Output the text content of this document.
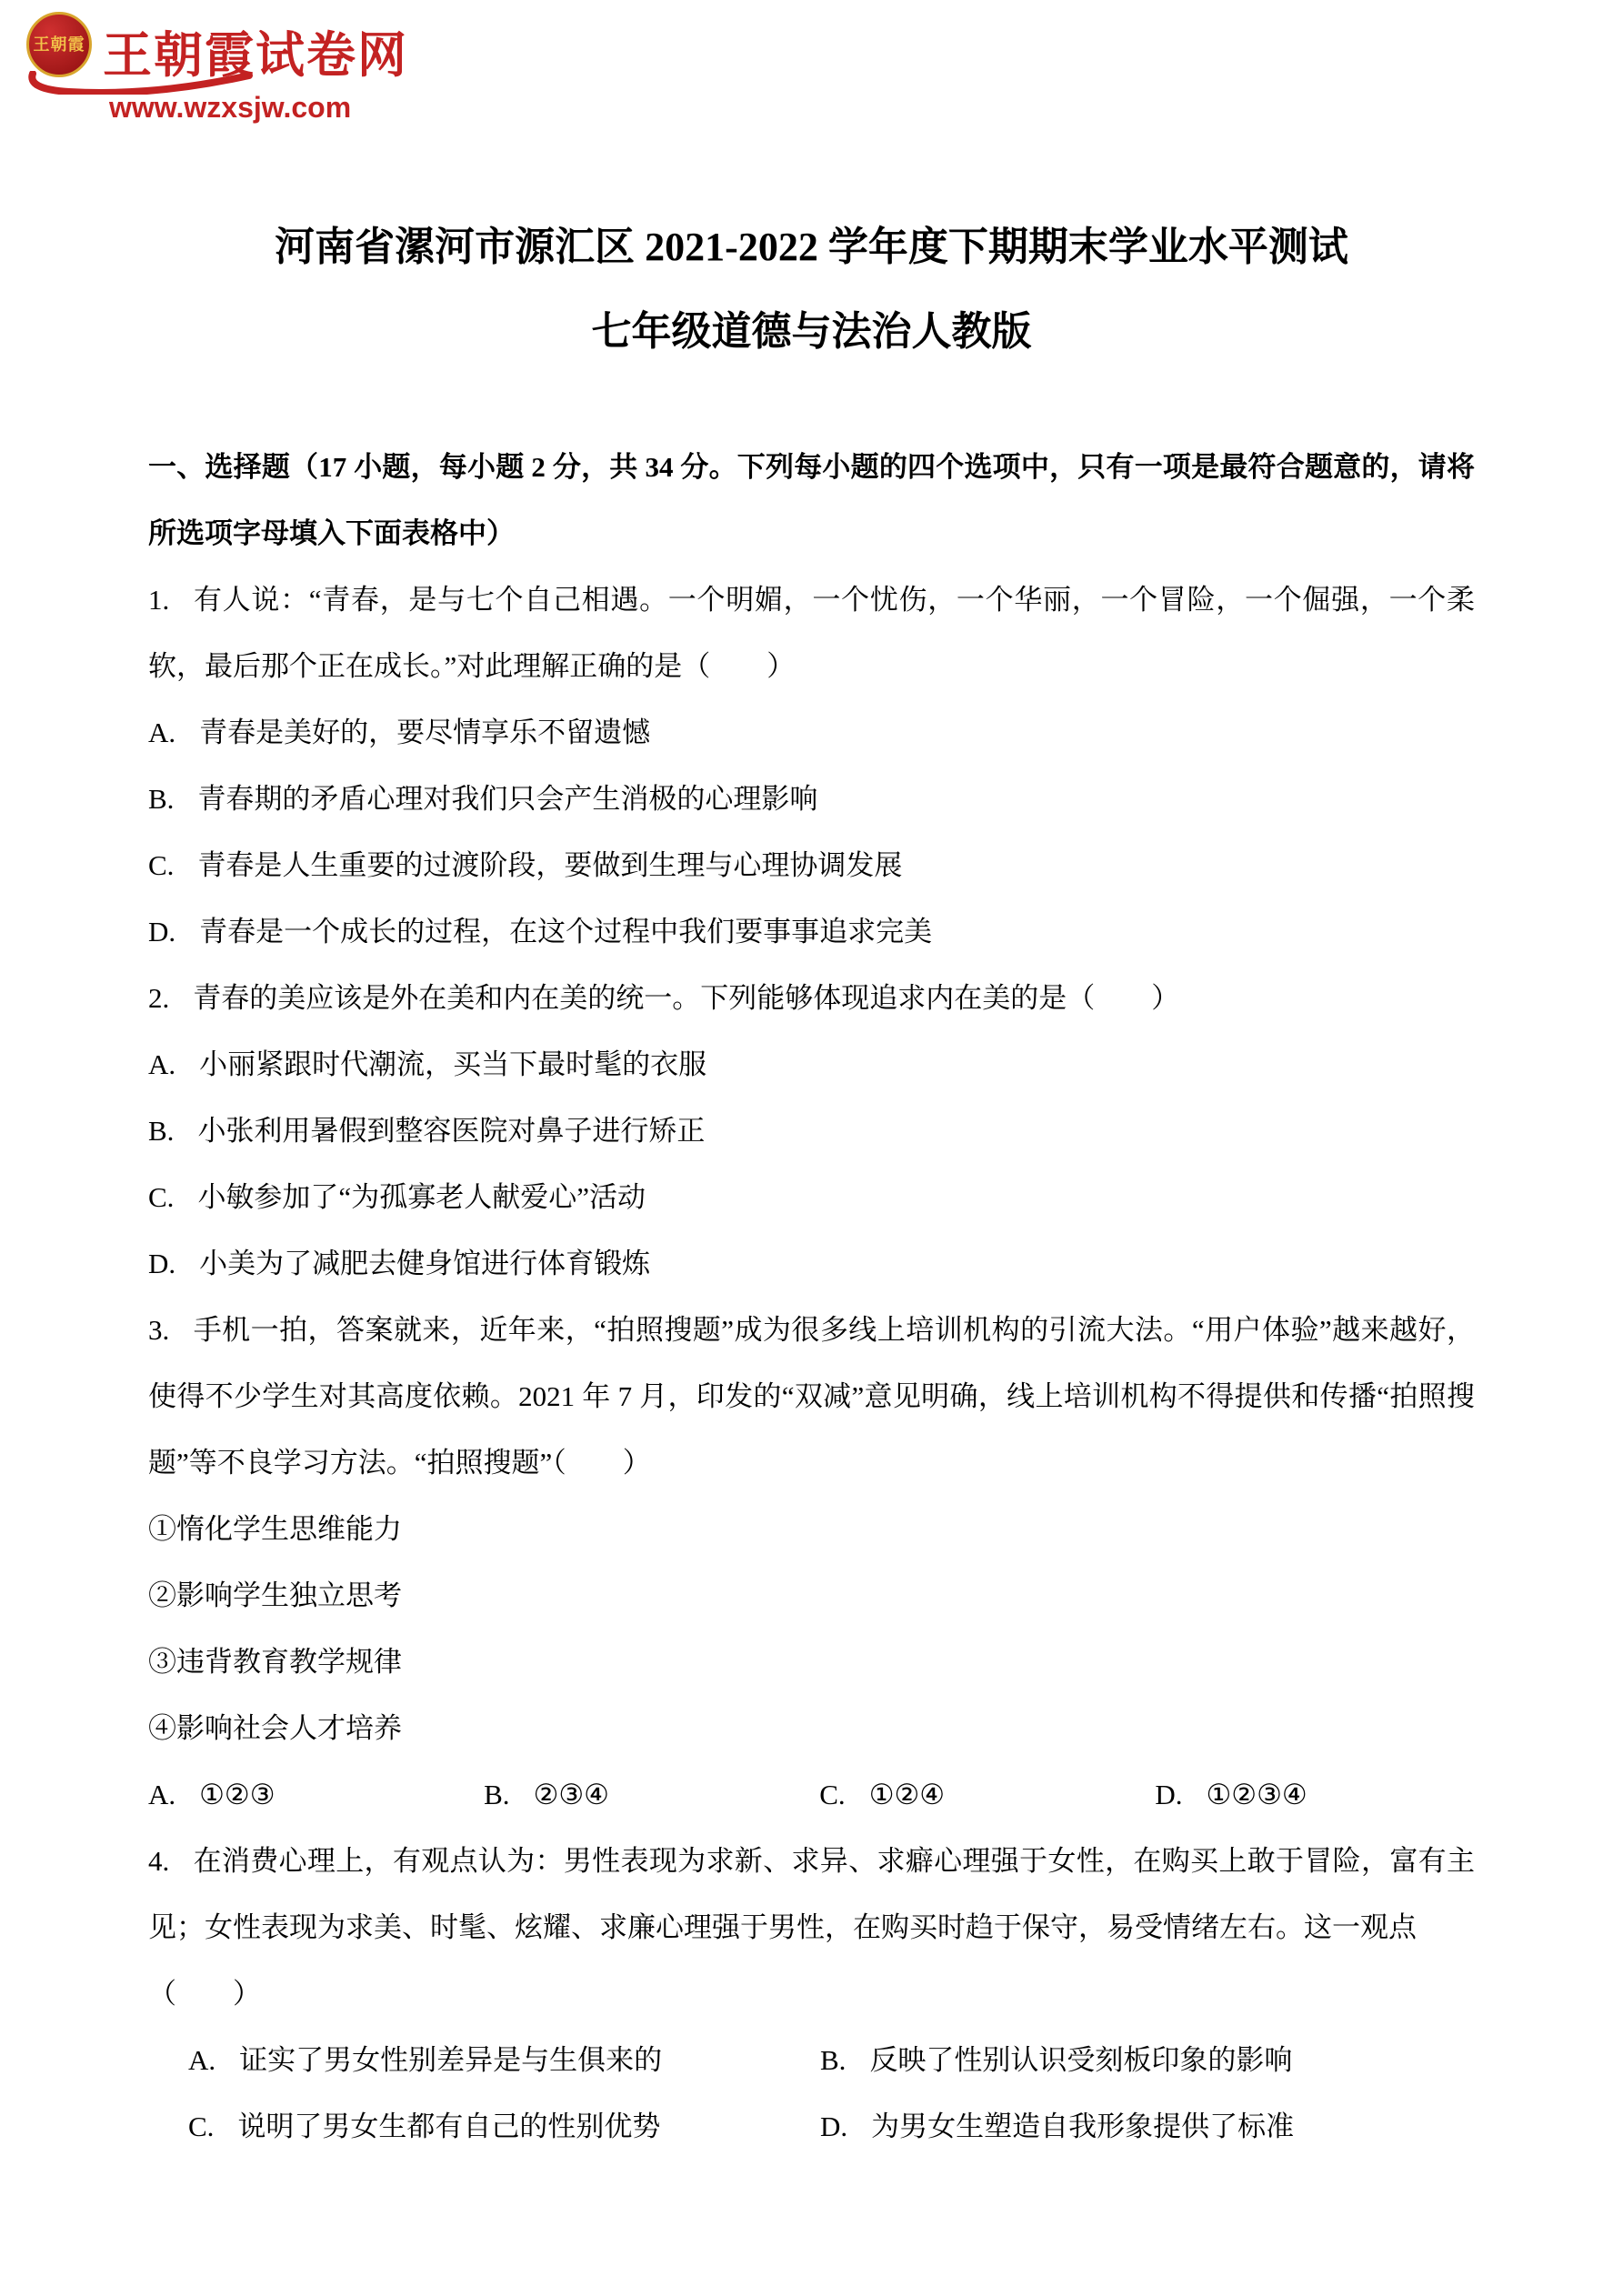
王朝霞 王朝霞试卷网
www.wzxsjw.com
河南省漯河市源汇区 2021-2022 学年度下期期末学业水平测试
七年级道德与法治人教版

一、选择题（17 小题，每小题 2 分，共 34 分。下列每小题的四个选项中，只有一项是最符合题意的，请将所选项字母填入下面表格中）

1. 有人说：“青春，是与七个自己相遇。一个明媚，一个忧伤，一个华丽，一个冒险，一个倔强，一个柔软，最后那个正在成长。”对此理解正确的是（　　）

A. 青春是美好的，要尽情享乐不留遗憾
B. 青春期的矛盾心理对我们只会产生消极的心理影响
C. 青春是人生重要的过渡阶段，要做到生理与心理协调发展
D. 青春是一个成长的过程，在这个过程中我们要事事追求完美

2. 青春的美应该是外在美和内在美的统一。下列能够体现追求内在美的是（　　）

A. 小丽紧跟时代潮流，买当下最时髦的衣服
B. 小张利用暑假到整容医院对鼻子进行矫正
C. 小敏参加了“为孤寡老人献爱心”活动
D. 小美为了减肥去健身馆进行体育锻炼

3. 手机一拍，答案就来，近年来，“拍照搜题”成为很多线上培训机构的引流大法。“用户体验”越来越好，使得不少学生对其高度依赖。2021 年 7 月，印发的“双减”意见明确，线上培训机构不得提供和传播“拍照搜题”等不良学习方法。“拍照搜题”（　　）

①惰化学生思维能力
②影响学生独立思考
③违背教育教学规律
④影响社会人才培养
A. ①②③	B. ②③④	C. ①②④	D. ①②③④

4. 在消费心理上，有观点认为：男性表现为求新、求异、求癖心理强于女性，在购买上敢于冒险，富有主见；女性表现为求美、时髦、炫耀、求廉心理强于男性，在购买时趋于保守，易受情绪左右。这一观点

（　　）
A. 证实了男女性别差异是与生俱来的	B. 反映了性别认识受刻板印象的影响
C. 说明了男女生都有自己的性别优势	D. 为男女生塑造自我形象提供了标准
